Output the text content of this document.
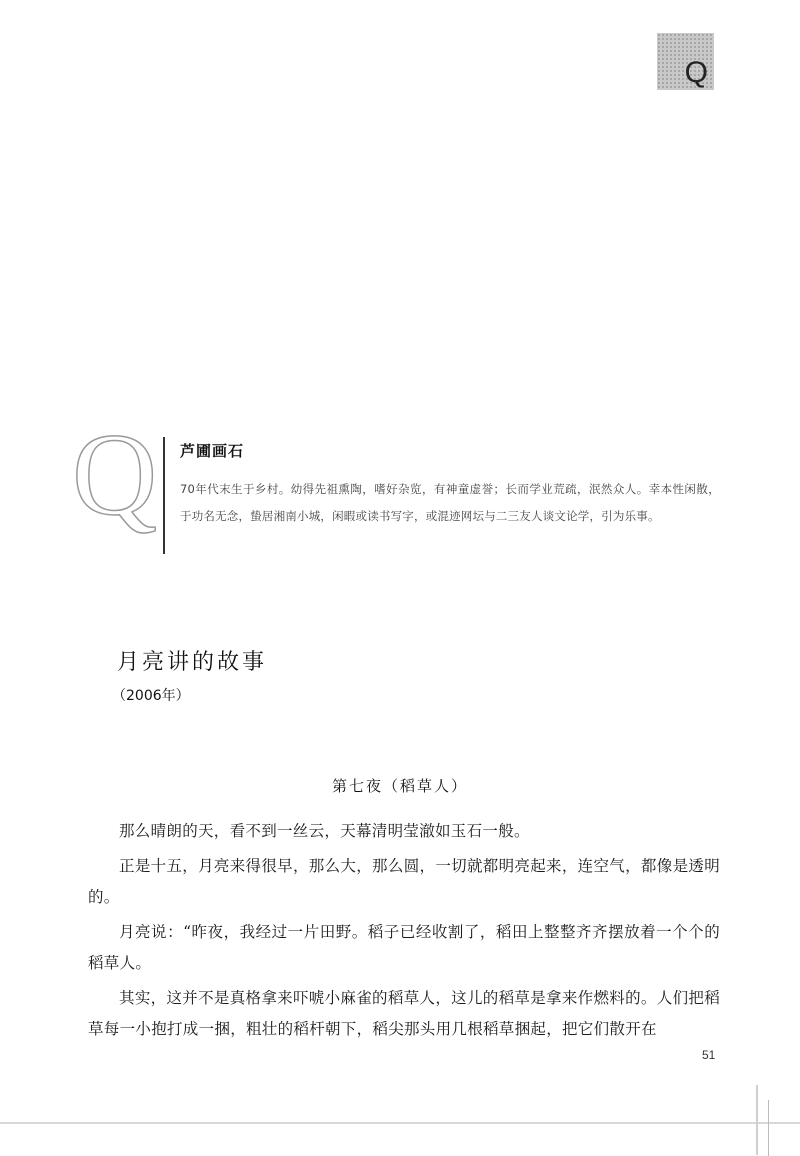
Q
Q	芦圃画石
70年代末生于乡村。幼得先祖熏陶，嗜好杂览，有神童虚誉；长而学业荒疏，泯然众人。幸本性闲散，于功名无念，蛰居湘南小城，闲暇或读书写字，或混迹网坛与二三友人谈文论学，引为乐事。
月亮讲的故事
（2006年）
第七夜（稻草人）

那么晴朗的天，看不到一丝云，天幕清明莹澈如玉石一般。

正是十五，月亮来得很早，那么大，那么圆，一切就都明亮起来，连空气，都像是透明的。

月亮说：“昨夜，我经过一片田野。稻子已经收割了，稻田上整整齐齐摆放着一个个的稻草人。

其实，这并不是真格拿来吓唬小麻雀的稻草人，这儿的稻草是拿来作燃料的。人们把稻草每一小抱打成一捆，粗壮的稻杆朝下，稻尖那头用几根稻草捆起，把它们散开在

51
